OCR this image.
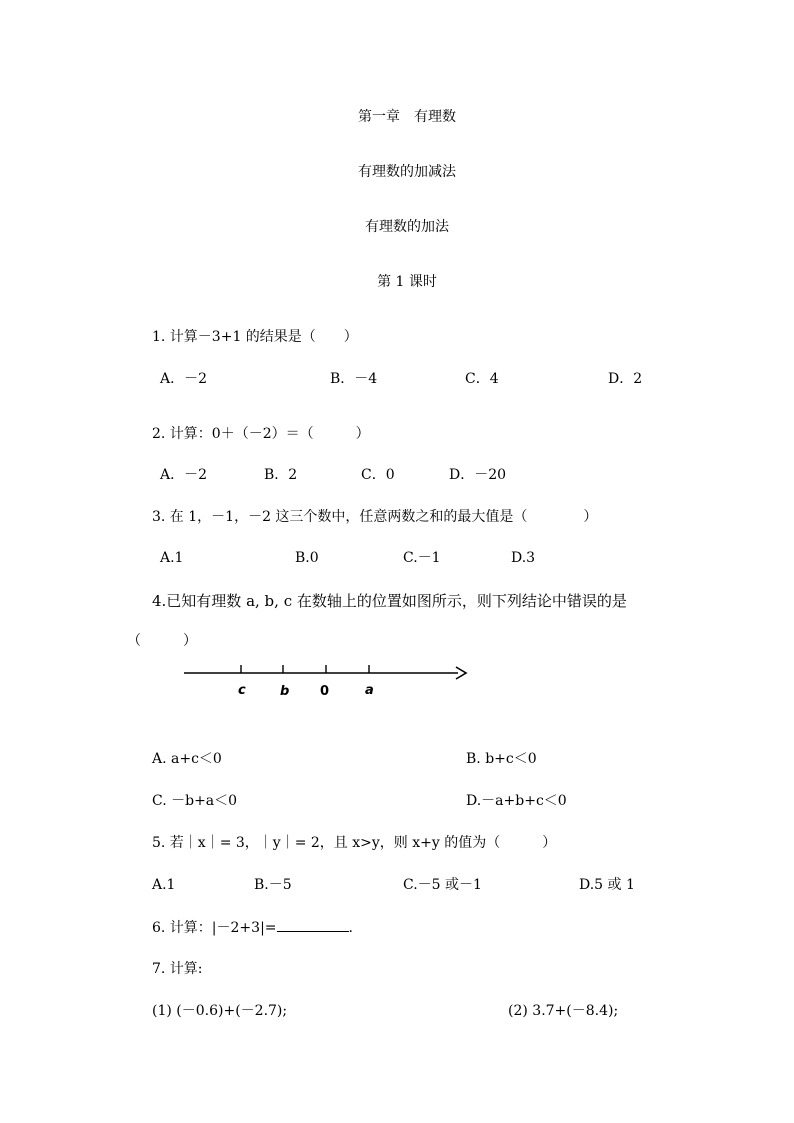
第一章　有理数
有理数的加减法
有理数的加法
第 1 课时
1. 计算－3+1 的结果是（　　）
A．－2	B．－4	C．4	D．2
2. 计算：0＋（－2）＝（　　　）
A．－2	B．2	C．0	D．－20
3. 在 1，－1，－2 这三个数中，任意两数之和的最大值是（　　　　）
A.1	B.0	C.－1	D.3
4.已知有理数 a, b, c 在数轴上的位置如图所示，则下列结论中错误的是
（　　　）
c	b 0	a
A. a+c＜0	B. b+c＜0
C. －b+a＜0	D.－a+b+c＜0
5. 若｜x｜= 3，｜y｜= 2，且 x>y，则 x+y 的值为（　　　）
A.1	B.－5	C.－5 或－1	D.5 或 1
6. 计算：|－2+3|=	.
7. 计算:
(1) (－0.6)+(－2.7);	(2) 3.7+(－8.4);
